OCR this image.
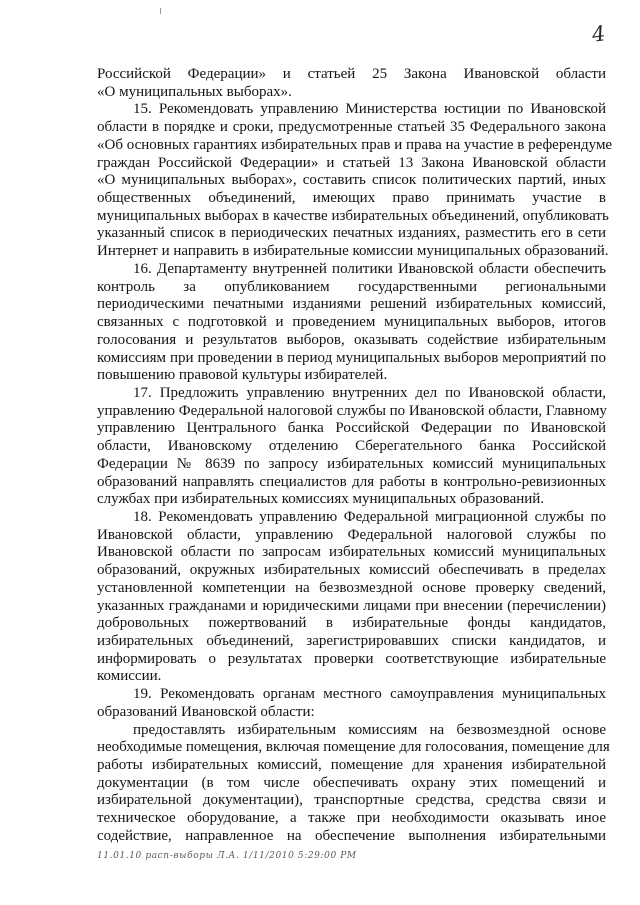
4
Российской Федерации» и статьей 25 Закона Ивановской области
«О муниципальных выборах».
15. Рекомендовать управлению Министерства юстиции по Ивановской
области в порядке и сроки, предусмотренные статьей 35 Федерального закона
«Об основных гарантиях избирательных прав и права на участие в референдуме
граждан Российской Федерации» и статьей 13 Закона Ивановской области
«О муниципальных выборах», составить список политических партий, иных
общественных объединений, имеющих право принимать участие в
муниципальных выборах в качестве избирательных объединений, опубликовать
указанный список в периодических печатных изданиях, разместить его в сети
Интернет и направить в избирательные комиссии муниципальных образований.
16. Департаменту внутренней политики Ивановской области обеспечить
контроль за опубликованием государственными региональными
периодическими печатными изданиями решений избирательных комиссий,
связанных с подготовкой и проведением муниципальных выборов, итогов
голосования и результатов выборов, оказывать содействие избирательным
комиссиям при проведении в период муниципальных выборов мероприятий по
повышению правовой культуры избирателей.
17. Предложить управлению внутренних дел по Ивановской области,
управлению Федеральной налоговой службы по Ивановской области, Главному
управлению Центрального банка Российской Федерации по Ивановской
области, Ивановскому отделению Сберегательного банка Российской
Федерации № 8639 по запросу избирательных комиссий муниципальных
образований направлять специалистов для работы в контрольно-ревизионных
службах при избирательных комиссиях муниципальных образований.
18. Рекомендовать управлению Федеральной миграционной службы по
Ивановской области, управлению Федеральной налоговой службы по
Ивановской области по запросам избирательных комиссий муниципальных
образований, окружных избирательных комиссий обеспечивать в пределах
установленной компетенции на безвозмездной основе проверку сведений,
указанных гражданами и юридическими лицами при внесении (перечислении)
добровольных пожертвований в избирательные фонды кандидатов,
избирательных объединений, зарегистрировавших списки кандидатов, и
информировать о результатах проверки соответствующие избирательные
комиссии.
19. Рекомендовать органам местного самоуправления муниципальных
образований Ивановской области:
предоставлять избирательным комиссиям на безвозмездной основе
необходимые помещения, включая помещение для голосования, помещение для
работы избирательных комиссий, помещение для хранения избирательной
документации (в том числе обеспечивать охрану этих помещений и
избирательной документации), транспортные средства, средства связи и
техническое оборудование, а также при необходимости оказывать иное
содействие, направленное на обеспечение выполнения избирательными
11.01.10 расп-выборы Л.А. 1/11/2010 5:29:00 PM
